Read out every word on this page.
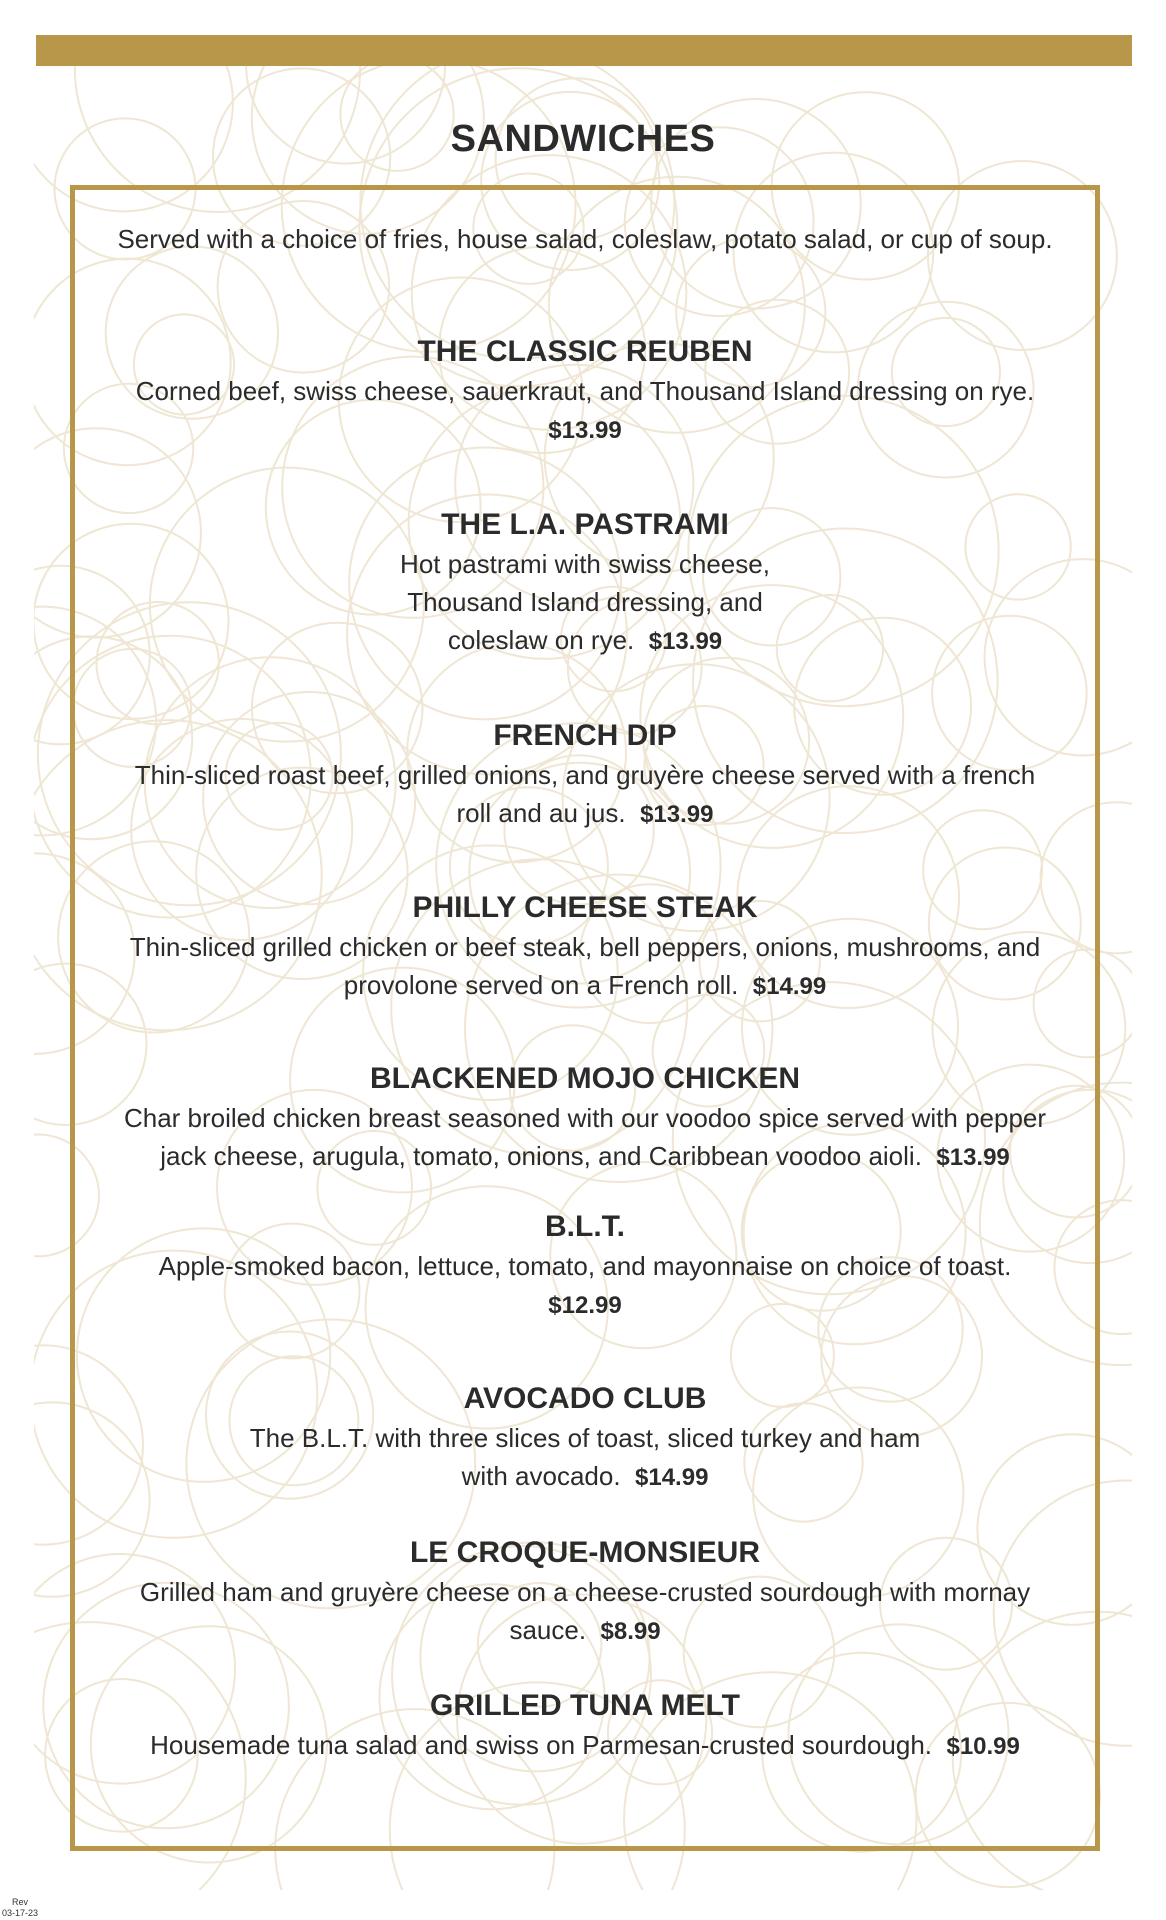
SANDWICHES
Served with a choice of fries, house salad, coleslaw, potato salad, or cup of soup.
THE CLASSIC REUBEN
Corned beef, swiss cheese, sauerkraut, and Thousand Island dressing on rye.
$13.99
THE L.A. PASTRAMI
Hot pastrami with swiss cheese,
Thousand Island dressing, and
coleslaw on rye. $13.99
FRENCH DIP
Thin-sliced roast beef, grilled onions, and gruyère cheese served with a french
roll and au jus. $13.99
PHILLY CHEESE STEAK
Thin-sliced grilled chicken or beef steak, bell peppers, onions, mushrooms, and
provolone served on a French roll. $14.99
BLACKENED MOJO CHICKEN
Char broiled chicken breast seasoned with our voodoo spice served with pepper
jack cheese, arugula, tomato, onions, and Caribbean voodoo aioli. $13.99
B.L.T.
Apple-smoked bacon, lettuce, tomato, and mayonnaise on choice of toast.
$12.99
AVOCADO CLUB
The B.L.T. with three slices of toast, sliced turkey and ham
with avocado. $14.99
LE CROQUE-MONSIEUR
Grilled ham and gruyère cheese on a cheese-crusted sourdough with mornay
sauce. $8.99
GRILLED TUNA MELT
Housemade tuna salad and swiss on Parmesan-crusted sourdough. $10.99
Rev
03-17-23
